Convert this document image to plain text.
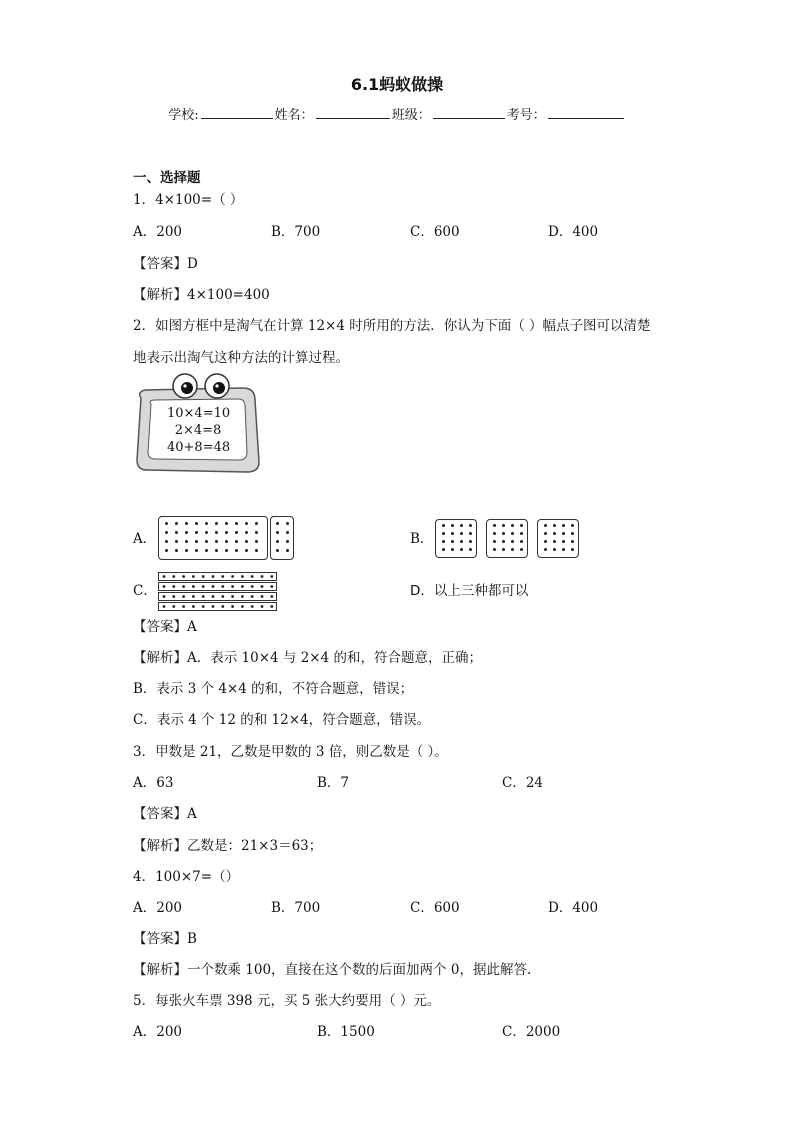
6.1蚂蚁做操
学校:	姓名：	班级：	考号：
一、选择题
1．4×100=（ ）
A．200	B．700	C．600	D．400
【答案】D
【解析】4×100=400
2．如图方框中是淘气在计算 12×4 时所用的方法．你认为下面（ ）幅点子图可以清楚
地表示出淘气这种方法的计算过程。
10×4=10
2×4=8
40+8=48
A．	B．
C．	D．以上三种都可以
【答案】A
【解析】A．表示 10×4 与 2×4 的和，符合题意，正确；
B．表示 3 个 4×4 的和，不符合题意，错误；
C．表示 4 个 12 的和 12×4，符合题意，错误。
3．甲数是 21，乙数是甲数的 3 倍，则乙数是（ ）。
A．63	B．7	C．24
【答案】A
【解析】乙数是：21×3＝63；
4．100×7=（）
A．200	B．700	C．600	D．400
【答案】B
【解析】一个数乘 100，直接在这个数的后面加两个 0，据此解答.
5．每张火车票 398 元，买 5 张大约要用（ ）元。
A．200	B．1500	C．2000
